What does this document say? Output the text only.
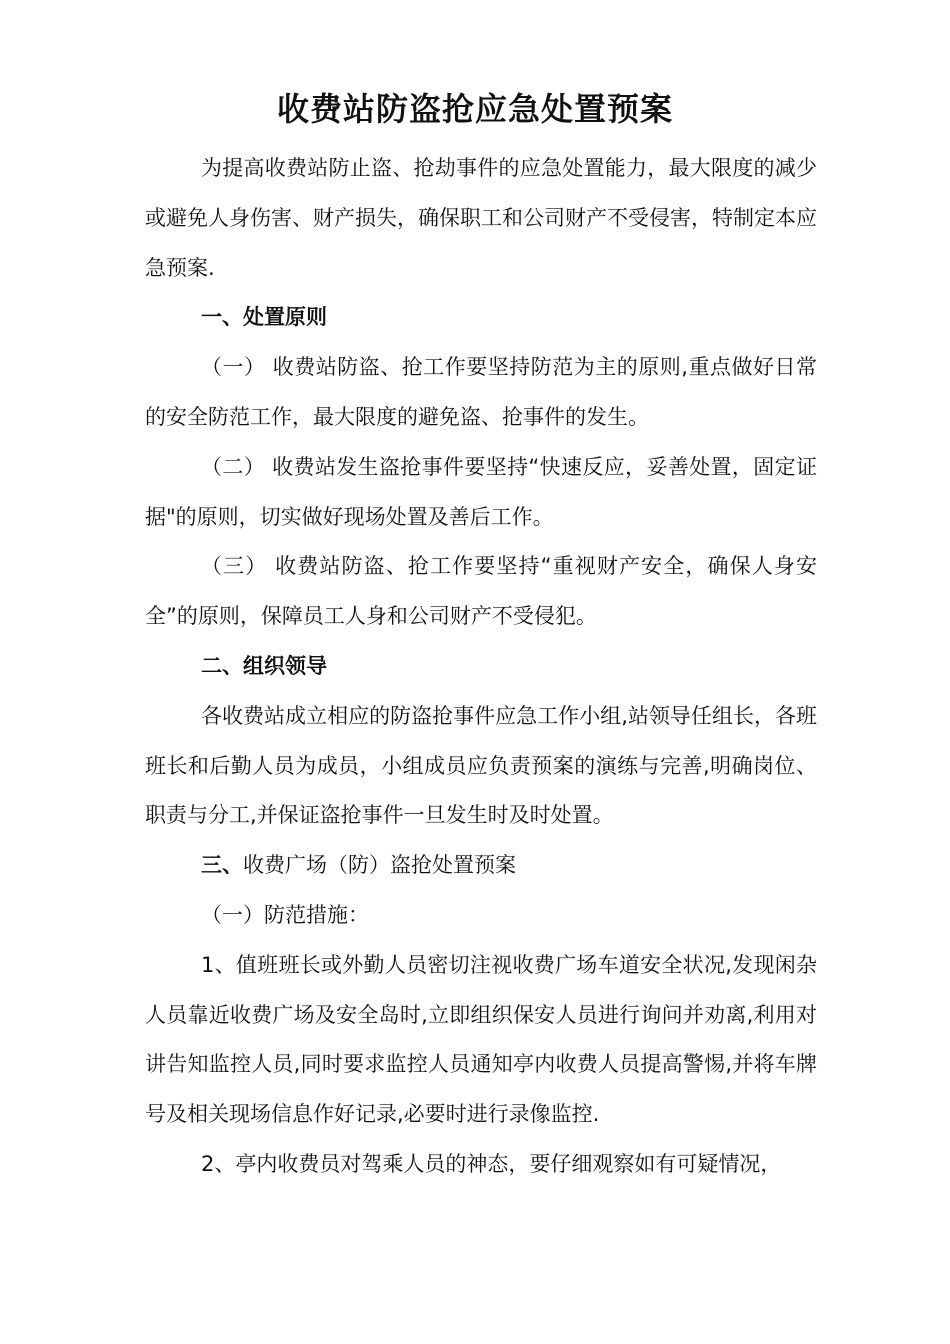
收费站防盗抢应急处置预案

为提高收费站防止盗、抢劫事件的应急处置能力，最大限度的减少或避免人身伤害、财产损失，确保职工和公司财产不受侵害，特制定本应急预案.

一、处置原则

（一） 收费站防盗、抢工作要坚持防范为主的原则,重点做好日常的安全防范工作，最大限度的避免盗、抢事件的发生。

（二） 收费站发生盗抢事件要坚持“快速反应，妥善处置，固定证据"的原则，切实做好现场处置及善后工作。

（三） 收费站防盗、抢工作要坚持“重视财产安全，确保人身安全”的原则，保障员工人身和公司财产不受侵犯。

二、组织领导

各收费站成立相应的防盗抢事件应急工作小组,站领导任组长，各班班长和后勤人员为成员，小组成员应负责预案的演练与完善,明确岗位、职责与分工,并保证盗抢事件一旦发生时及时处置。

三、收费广场（防）盗抢处置预案

（一）防范措施：

1、值班班长或外勤人员密切注视收费广场车道安全状况,发现闲杂人员靠近收费广场及安全岛时,立即组织保安人员进行询问并劝离,利用对讲告知监控人员,同时要求监控人员通知亭内收费人员提高警惕,并将车牌号及相关现场信息作好记录,必要时进行录像监控.

2、亭内收费员对驾乘人员的神态，要仔细观察如有可疑情况，
